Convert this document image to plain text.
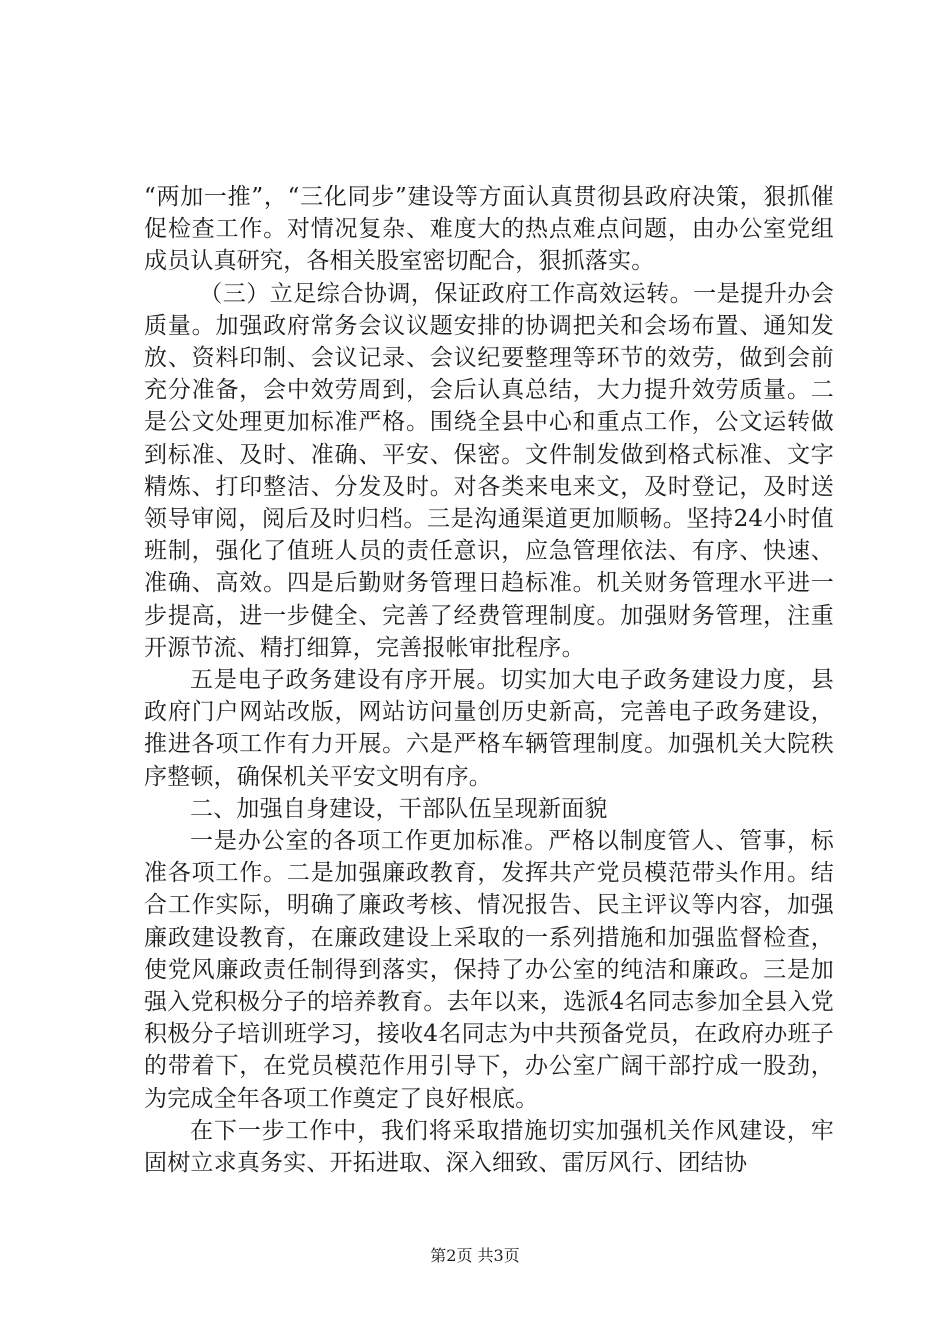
“两加一推”，“三化同步”建设等方面认真贯彻县政府决策，狠抓催促检查工作。对情况复杂、难度大的热点难点问题，由办公室党组成员认真研究，各相关股室密切配合，狠抓落实。

（三）立足综合协调，保证政府工作高效运转。一是提升办会质量。加强政府常务会议议题安排的协调把关和会场布置、通知发放、资料印制、会议记录、会议纪要整理等环节的效劳，做到会前充分准备，会中效劳周到，会后认真总结，大力提升效劳质量。二是公文处理更加标准严格。围绕全县中心和重点工作，公文运转做到标准、及时、准确、平安、保密。文件制发做到格式标准、文字精炼、打印整洁、分发及时。对各类来电来文，及时登记，及时送领导审阅，阅后及时归档。三是沟通渠道更加顺畅。坚持24小时值班制，强化了值班人员的责任意识，应急管理依法、有序、快速、准确、高效。四是后勤财务管理日趋标准。机关财务管理水平进一步提高，进一步健全、完善了经费管理制度。加强财务管理，注重开源节流、精打细算，完善报帐审批程序。

五是电子政务建设有序开展。切实加大电子政务建设力度，县政府门户网站改版，网站访问量创历史新高，完善电子政务建设，推进各项工作有力开展。六是严格车辆管理制度。加强机关大院秩序整顿，确保机关平安文明有序。

二、加强自身建设，干部队伍呈现新面貌

一是办公室的各项工作更加标准。严格以制度管人、管事，标准各项工作。二是加强廉政教育，发挥共产党员模范带头作用。结合工作实际，明确了廉政考核、情况报告、民主评议等内容，加强廉政建设教育，在廉政建设上采取的一系列措施和加强监督检查，使党风廉政责任制得到落实，保持了办公室的纯洁和廉政。三是加强入党积极分子的培养教育。去年以来，选派4名同志参加全县入党积极分子培训班学习，接收4名同志为中共预备党员，在政府办班子的带着下，在党员模范作用引导下，办公室广阔干部拧成一股劲，为完成全年各项工作奠定了良好根底。

在下一步工作中，我们将采取措施切实加强机关作风建设，牢固树立求真务实、开拓进取、深入细致、雷厉风行、团结协

第2页 共3页
